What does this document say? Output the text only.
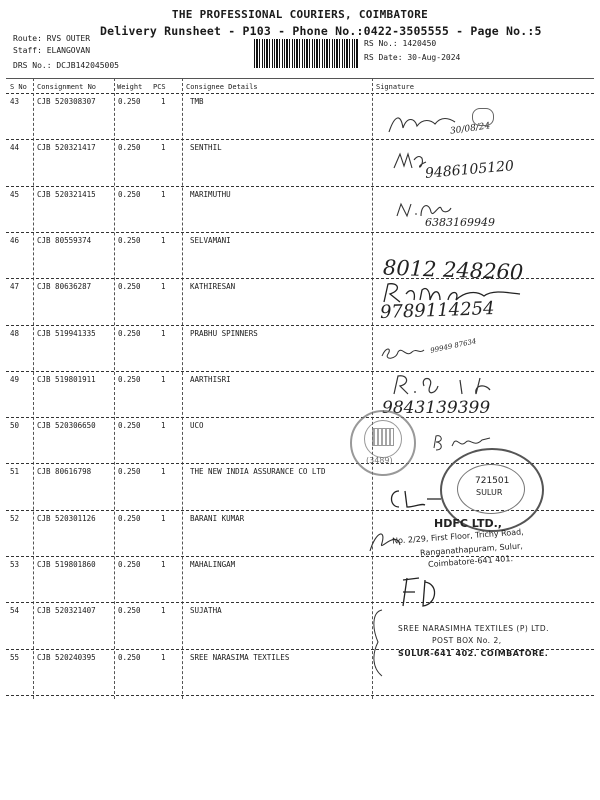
THE PROFESSIONAL COURIERS, COIMBATORE
Delivery Runsheet - P103 - Phone No.:0422-3505555 - Page No.:5
Route: RVS OUTER
Staff: ELANGOVAN
DRS No.: DCJB142045005
RS No.: 1420450
RS Date: 30-Aug-2024
S No Consignment No	Weight PCS	Consignee Details	Signature
43 CJB 520308307	0.250	1	TMB
44 CJB 520321417	0.250	1	SENTHIL
45 CJB 520321415	0.250	1	MARIMUTHU
46 CJB 80559374	0.250	1	SELVAMANI
47 CJB 80636287	0.250	1	KATHIRESAN
48 CJB 519941335	0.250	1	PRABHU SPINNERS
49 CJB 519801911	0.250	1	AARTHISRI
50 CJB 520306650	0.250	1	UCO
51 CJB 80616798	0.250	1	THE NEW INDIA ASSURANCE CO LTD
52 CJB 520301126	0.250	1	BARANI KUMAR
53 CJB 519801860	0.250	1	MAHALINGAM
54 CJB 520321407	0.250	1	SUJATHA
55 CJB 520240395	0.250	1	SREE NARASIMA TEXTILES
30/08/24
9486105120
6383169949
8012 248260
9789114254
99949 87634
9843139399
(3489)
721501
SULUR
HDFC LTD.,
No. 2/29, First Floor, Trichy Road,
Ranganathapuram, Sulur,
Coimbatore-641 401.
SREE NARASIMHA TEXTILES (P) LTD.
POST BOX No. 2,
SULUR-641 402. COIMBATORE.
